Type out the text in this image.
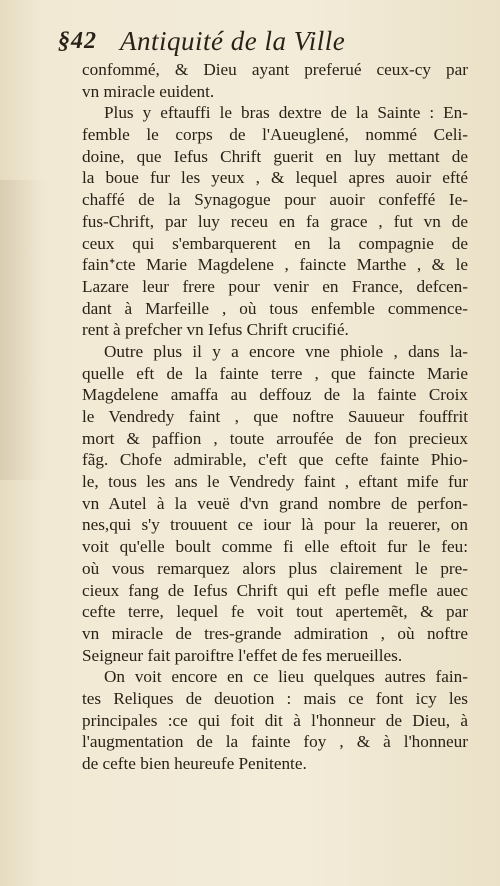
§42 Antiquité de la Ville
confommé, & Dieu ayant preferué ceux-cy par
vn miracle euident.
Plus y eftauffi le bras dextre de la Sainte : En-
femble le corps de l'Aueuglené, nommé Celi-
doine, que Iefus Chrift guerit en luy mettant de
la boue fur les yeux , & lequel apres auoir efté
chaffé de la Synagogue pour auoir confeffé Ie-
fus-Chrift, par luy receu en fa grace , fut vn de
ceux qui s'embarquerent en la compagnie de
fainᐩcte Marie Magdelene , faincte Marthe , & le
Lazare leur frere pour venir en France, defcen-
dant à Marfeille , où tous enfemble commence-
rent à prefcher vn Iefus Chrift crucifié.
Outre plus il y a encore vne phiole , dans la-
quelle eft de la fainte terre , que faincte Marie
Magdelene amaffa au deffouz de la fainte Croix
le Vendredy faint , que noftre Sauueur fouffrit
mort & paffion , toute arroufée de fon precieux
fãg. Chofe admirable, c'eft que cefte fainte Phio-
le, tous les ans le Vendredy faint , eftant mife fur
vn Autel à la veuë d'vn grand nombre de perfon-
nes,qui s'y trouuent ce iour là pour la reuerer, on
voit qu'elle boult comme fi elle eftoit fur le feu:
où vous remarquez alors plus clairement le pre-
cieux fang de Iefus Chrift qui eft pefle mefle auec
cefte terre, lequel fe voit tout apertemẽt, & par
vn miracle de tres-grande admiration , où noftre
Seigneur fait paroiftre l'effet de fes merueilles.
On voit encore en ce lieu quelques autres fain-
tes Reliques de deuotion : mais ce font icy les
principales :ce qui foit dit à l'honneur de Dieu, à
l'augmentation de la fainte foy , & à l'honneur
de cefte bien heureufe Penitente.
